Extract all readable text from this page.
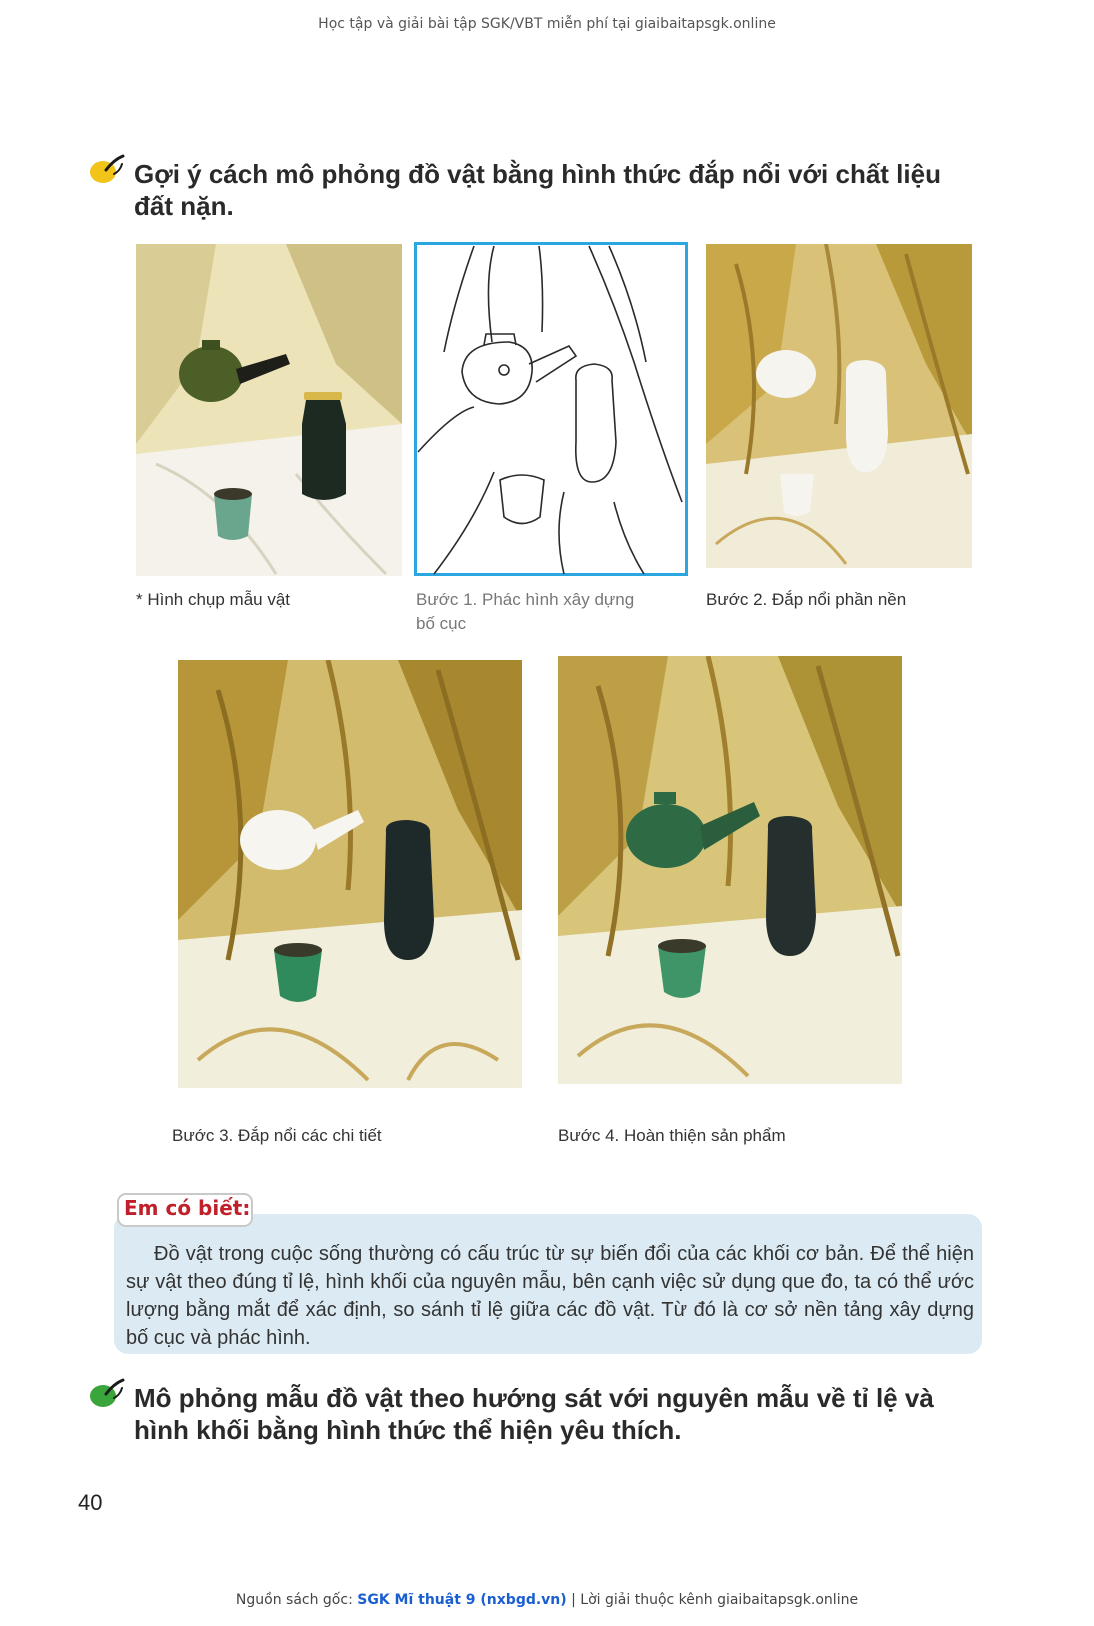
Học tập và giải bài tập SGK/VBT miễn phí tại giaibaitapsgk.online
Gợi ý cách mô phỏng đồ vật bằng hình thức đắp nổi với chất liệu
đất nặn.
* Hình chụp mẫu vật	Bước 1. Phác hình xây dựng
bố cục
Bước 2. Đắp nổi phần nền
Bước 3. Đắp nổi các chi tiết	Bước 4. Hoàn thiện sản phẩm
Em có biết:
Đồ vật trong cuộc sống thường có cấu trúc từ sự biến đổi của các khối cơ bản. Để thể hiện sự vật theo đúng tỉ lệ, hình khối của nguyên mẫu, bên cạnh việc sử dụng que đo, ta có thể ước lượng bằng mắt để xác định, so sánh tỉ lệ giữa các đồ vật. Từ đó là cơ sở nền tảng xây dựng bố cục và phác hình.
Mô phỏng mẫu đồ vật theo hướng sát với nguyên mẫu về tỉ lệ và
hình khối bằng hình thức thể hiện yêu thích.
40
Nguồn sách gốc: SGK Mĩ thuật 9 (nxbgd.vn) | Lời giải thuộc kênh giaibaitapsgk.online
